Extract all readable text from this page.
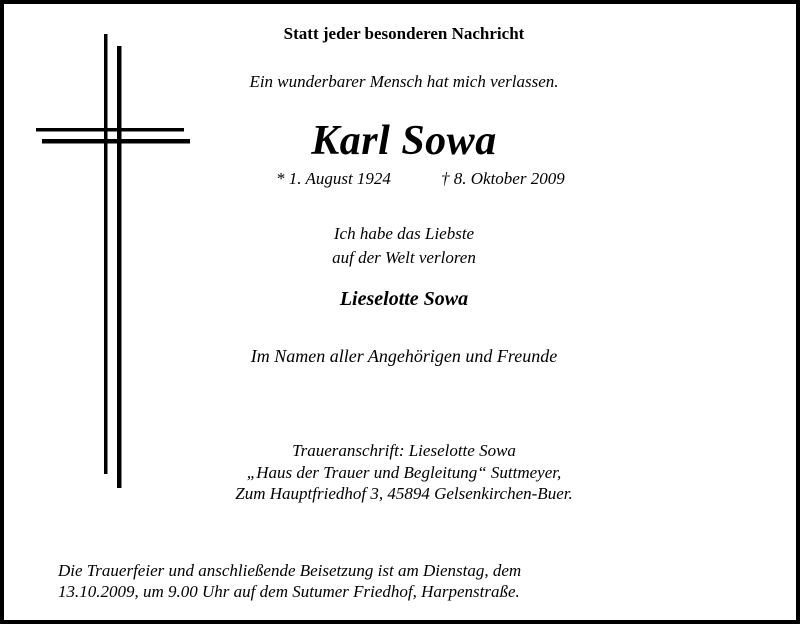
Statt jeder besonderen Nachricht
Ein wunderbarer Mensch hat mich verlassen.
Karl Sowa
* 1. August 1924	† 8. Oktober 2009
Ich habe das Liebste
auf der Welt verloren
Lieselotte Sowa
Im Namen aller Angehörigen und Freunde
Traueranschrift: Lieselotte Sowa
„Haus der Trauer und Begleitung“ Suttmeyer,
Zum Hauptfriedhof 3, 45894 Gelsenkirchen-Buer.
Die Trauerfeier und anschließende Beisetzung ist am Dienstag, dem
13.10.2009, um 9.00 Uhr auf dem Sutumer Friedhof, Harpenstraße.
